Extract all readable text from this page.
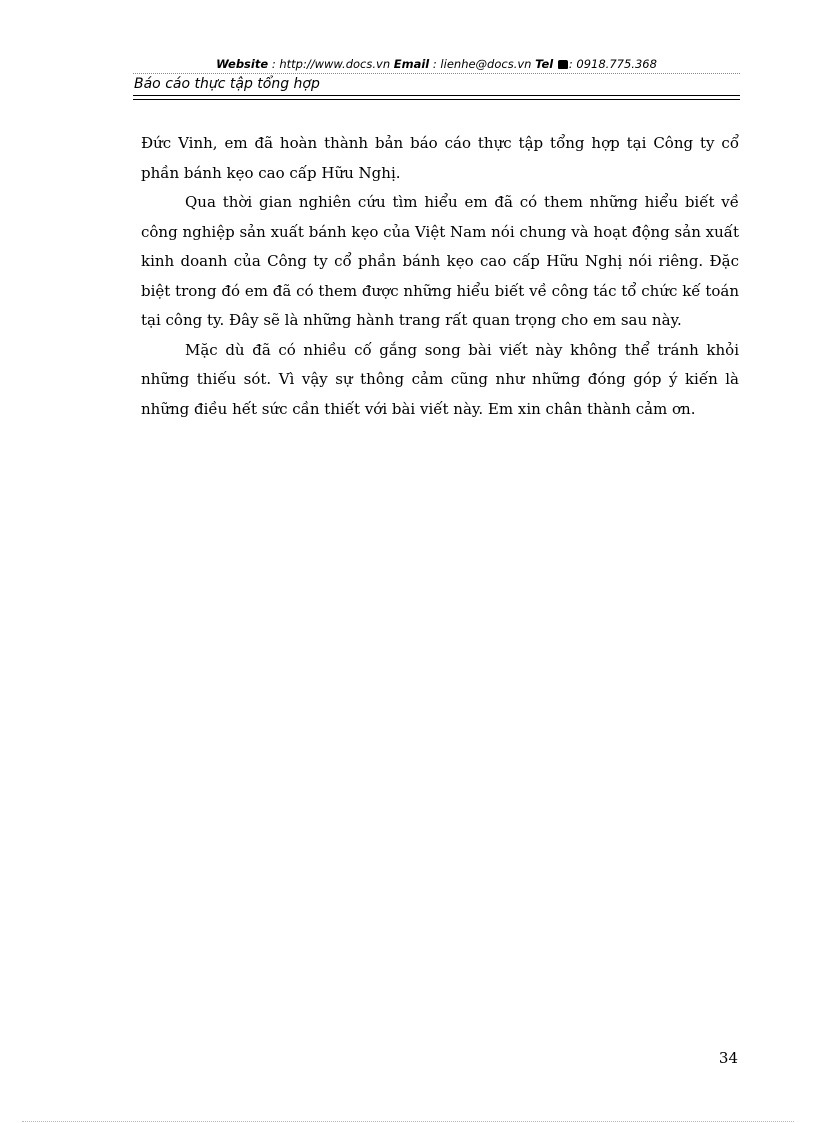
Website : http://www.docs.vn Email : lienhe@docs.vn Tel : 0918.775.368
Báo cáo thực tập tổng hợp

Đức Vinh, em đã hoàn thành bản báo cáo thực tập tổng hợp tại Công ty cổ phần bánh kẹo cao cấp Hữu Nghị.

Qua thời gian nghiên cứu tìm hiểu em đã có them những hiểu biết về công nghiệp sản xuất bánh kẹo của Việt Nam nói chung và hoạt động sản xuất kinh doanh của Công ty cổ phần bánh kẹo cao cấp Hữu Nghị nói riêng. Đặc biệt trong đó em đã có them được những hiểu biết về công tác tổ chức kế toán tại công ty. Đây sẽ là những hành trang rất quan trọng cho em sau này.

Mặc dù đã có nhiều cố gắng song bài viết này không thể tránh khỏi những thiếu sót. Vì vậy sự thông cảm cũng như những đóng góp ý kiến là những điều hết sức cần thiết với bài viết này. Em xin chân thành cảm ơn.

34
